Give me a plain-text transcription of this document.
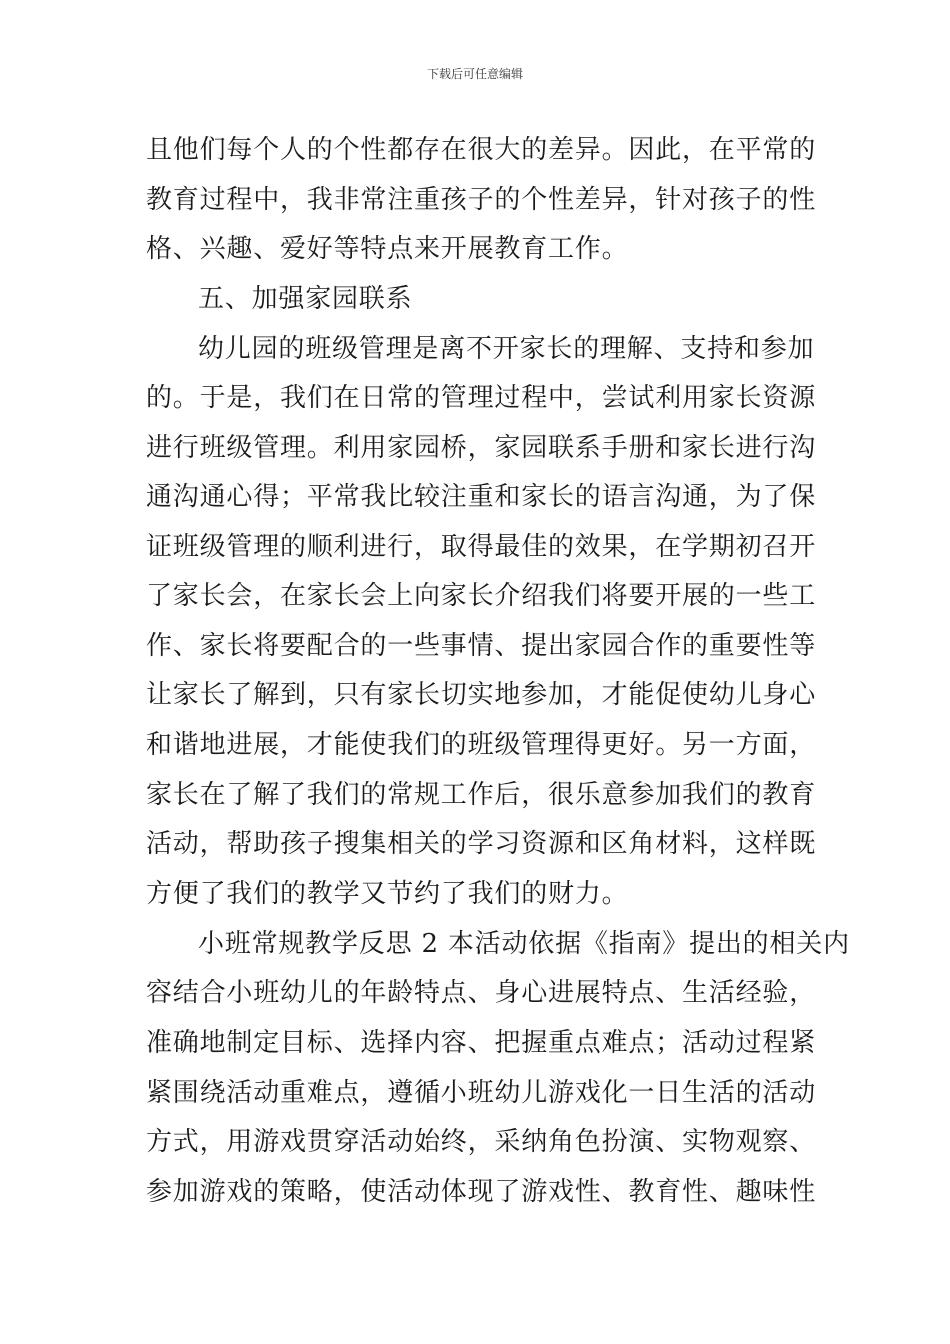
下载后可任意编辑
且他们每个人的个性都存在很大的差异。因此，在平常的
教育过程中，我非常注重孩子的个性差异，针对孩子的性
格、兴趣、爱好等特点来开展教育工作。
五、加强家园联系
幼儿园的班级管理是离不开家长的理解、支持和参加
的。于是，我们在日常的管理过程中，尝试利用家长资源
进行班级管理。利用家园桥，家园联系手册和家长进行沟
通沟通心得；平常我比较注重和家长的语言沟通，为了保
证班级管理的顺利进行，取得最佳的效果，在学期初召开
了家长会，在家长会上向家长介绍我们将要开展的一些工
作、家长将要配合的一些事情、提出家园合作的重要性等
让家长了解到，只有家长切实地参加，才能促使幼儿身心
和谐地进展，才能使我们的班级管理得更好。另一方面，
家长在了解了我们的常规工作后，很乐意参加我们的教育
活动，帮助孩子搜集相关的学习资源和区角材料，这样既
方便了我们的教学又节约了我们的财力。
小班常规教学反思 2 本活动依据《指南》提出的相关内
容结合小班幼儿的年龄特点、身心进展特点、生活经验，
准确地制定目标、选择内容、把握重点难点；活动过程紧
紧围绕活动重难点，遵循小班幼儿游戏化一日生活的活动
方式，用游戏贯穿活动始终，采纳角色扮演、实物观察、
参加游戏的策略，使活动体现了游戏性、教育性、趣味性
